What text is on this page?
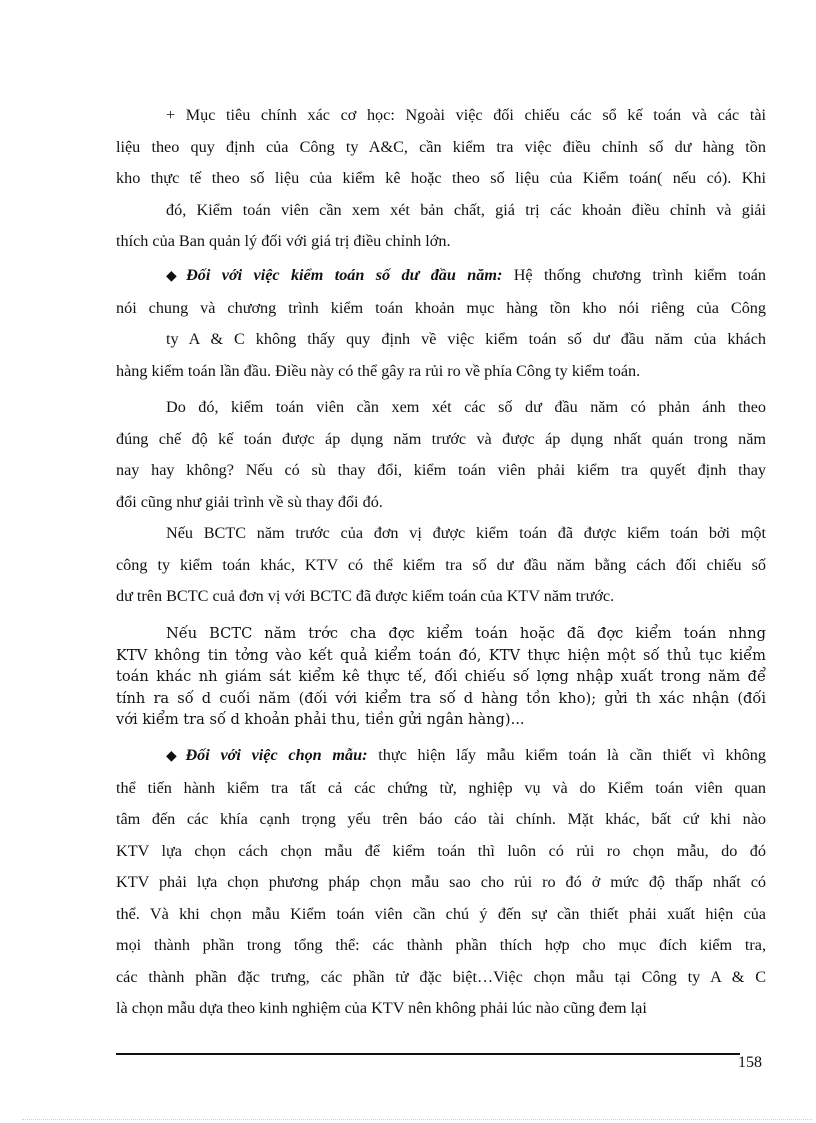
+ Mục tiêu chính xác cơ học: Ngoài việc đối chiếu các sổ kế toán và các tài
liệu theo quy định của Công ty A&C, cần kiểm tra việc điều chỉnh số dư hàng tồn
kho thực tế theo số liệu của kiểm kê hoặc theo số liệu của Kiểm toán( nếu có). Khi
đó, Kiểm toán viên cần xem xét bản chất, giá trị các khoản điều chỉnh và giải
thích của Ban quản lý đối với giá trị điều chỉnh lớn.
◆ Đối với việc kiểm toán số dư đầu năm: Hệ thống chương trình kiểm toán
nói chung và chương trình kiểm toán khoản mục hàng tồn kho nói riêng của Công
ty A & C không thấy quy định về việc kiểm toán số dư đầu năm của khách
hàng kiểm toán lần đầu. Điều này có thể gây ra rủi ro về phía Công ty kiểm toán.
Do đó, kiểm toán viên cần xem xét các số dư đầu năm có phản ánh theo
đúng chế độ kế toán được áp dụng năm trước và được áp dụng nhất quán trong năm
nay hay không? Nếu có sù thay đổi, kiểm toán viên phải kiểm tra quyết định thay
đổi cũng như giải trình về sù thay đổi đó.
Nếu BCTC năm trước của đơn vị được kiểm toán đã được kiểm toán bởi một
công ty kiểm toán khác, KTV có thể kiểm tra số dư đầu năm bằng cách đối chiếu số
dư trên BCTC cuả đơn vị với BCTC đã được kiểm toán của KTV năm trước.
Nếu BCTC năm trớc cha đợc kiểm toán hoặc đã đợc kiểm toán nhng
KTV không tin tởng vào kết quả kiểm toán đó, KTV thực hiện một số thủ tục kiểm
toán khác nh giám sát kiểm kê thực tế, đối chiếu số lợng nhập xuất trong năm để
tính ra số d cuối năm (đối với kiểm tra số d hàng tồn kho); gửi th xác nhận (đối
với kiểm tra số d khoản phải thu, tiền gửi ngân hàng)...
◆ Đối với việc chọn mẫu: thực hiện lấy mẫu kiểm toán là cần thiết vì không
thể tiến hành kiểm tra tất cả các chứng từ, nghiệp vụ và do Kiểm toán viên quan
tâm đến các khía cạnh trọng yếu trên báo cáo tài chính. Mặt khác, bất cứ khi nào
KTV lựa chọn cách chọn mẫu để kiểm toán thì luôn có rủi ro chọn mẫu, do đó
KTV phải lựa chọn phương pháp chọn mẫu sao cho rủi ro đó ở mức độ thấp nhất có
thể. Và khi chọn mẫu Kiểm toán viên cần chú ý đến sự cần thiết phải xuất hiện của
mọi thành phần trong tổng thể: các thành phần thích hợp cho mục đích kiểm tra,
các thành phần đặc trưng, các phần tử đặc biệt…Việc chọn mẫu tại Công ty A & C
là chọn mẫu dựa theo kinh nghiệm của KTV nên không phải lúc nào cũng đem lại
158
